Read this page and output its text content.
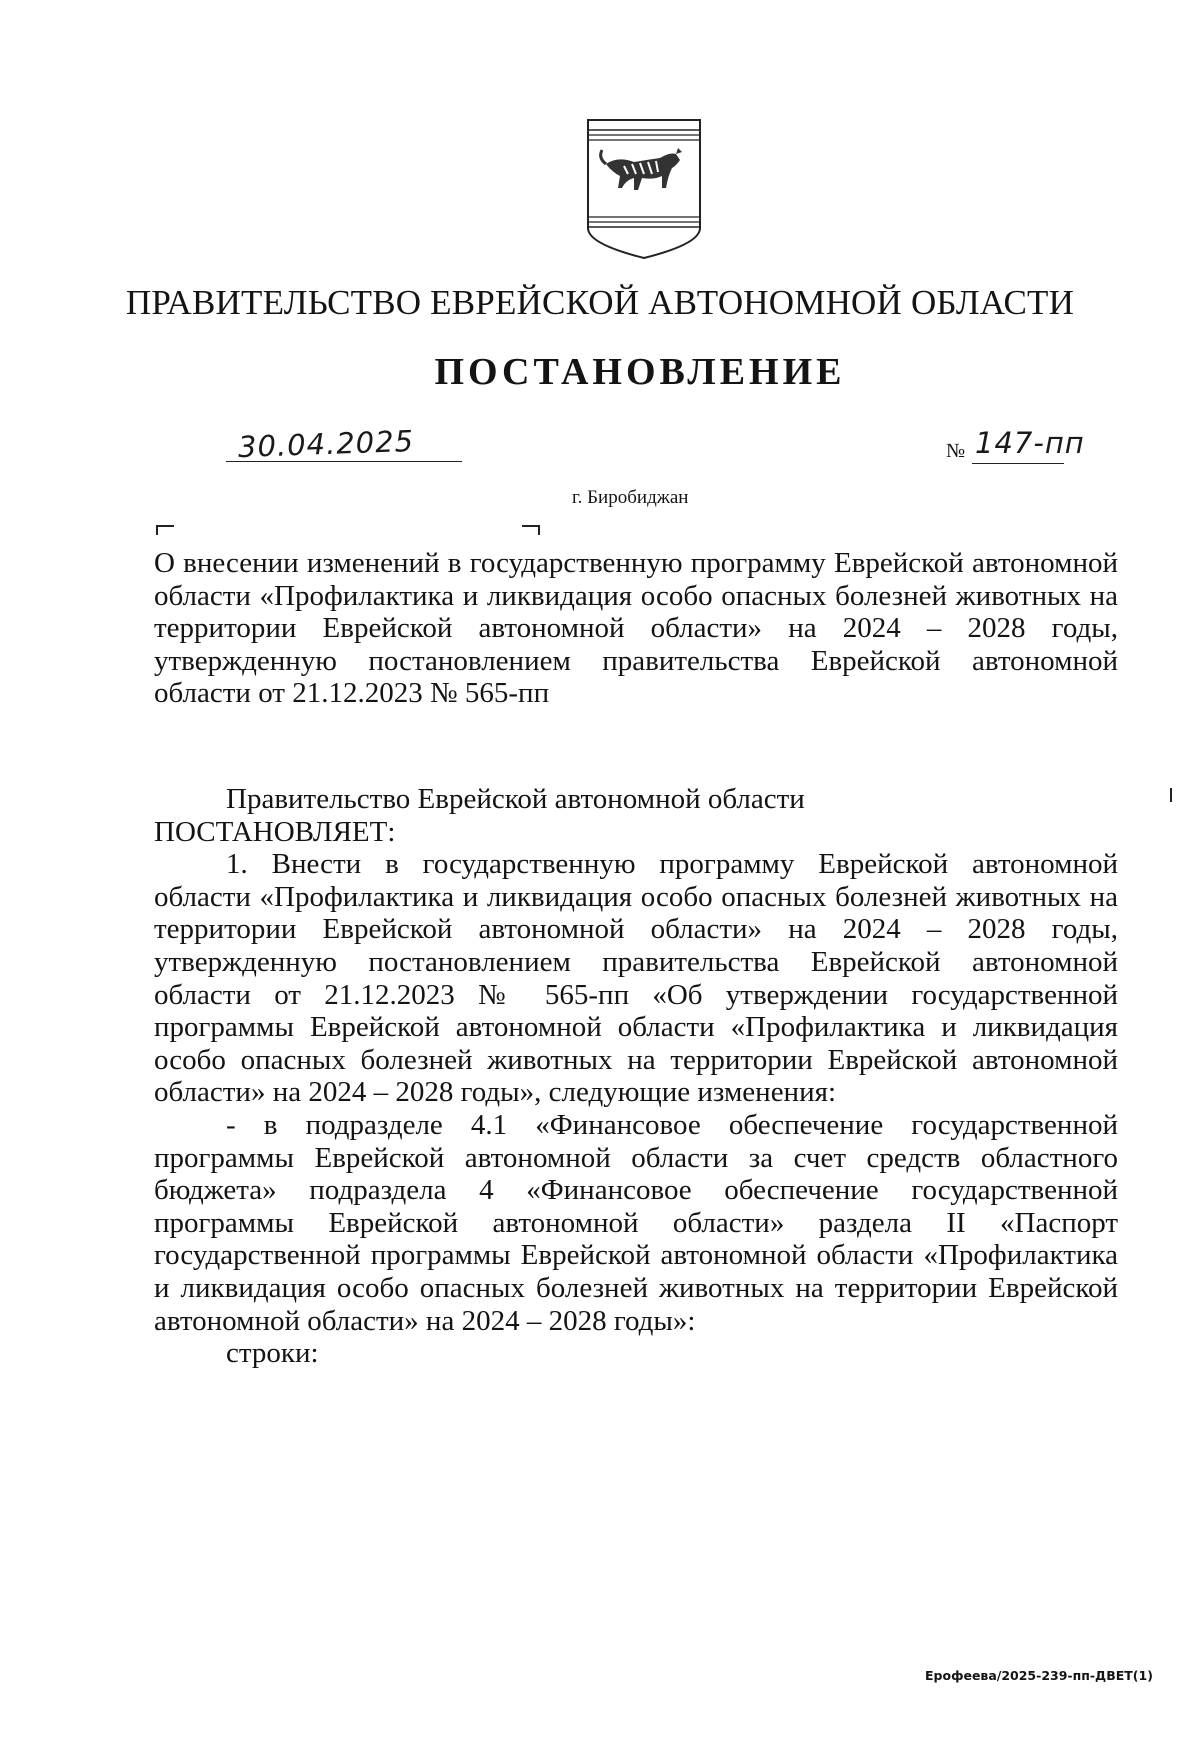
ПРАВИТЕЛЬСТВО ЕВРЕЙСКОЙ АВТОНОМНОЙ ОБЛАСТИ
ПОСТАНОВЛЕНИЕ
30.04.2025	№ 147-пп
г. Биробиджан
О внесении изменений в государственную программу Еврейской автономной области «Профилактика и ликвидация особо опасных болезней животных на территории Еврейской автономной области» на 2024 – 2028 годы, утвержденную постановлением правительства Еврейской автономной области от 21.12.2023 № 565-пп

Правительство Еврейской автономной области

ПОСТАНОВЛЯЕТ:

1. Внести в государственную программу Еврейской автономной области «Профилактика и ликвидация особо опасных болезней животных на территории Еврейской автономной области» на 2024 – 2028 годы, утвержденную постановлением правительства Еврейской автономной области от 21.12.2023 № 565-пп «Об утверждении государственной программы Еврейской автономной области «Профилактика и ликвидация особо опасных болезней животных на территории Еврейской автономной области» на 2024 – 2028 годы», следующие изменения:

- в подразделе 4.1 «Финансовое обеспечение государственной программы Еврейской автономной области за счет средств областного бюджета» подраздела 4 «Финансовое обеспечение государственной программы Еврейской автономной области» раздела II «Паспорт государственной программы Еврейской автономной области «Профилактика и ликвидация особо опасных болезней животных на территории Еврейской автономной области» на 2024 – 2028 годы»:

строки:

Ерофеева/2025-239-пп-ДВЕТ(1)
